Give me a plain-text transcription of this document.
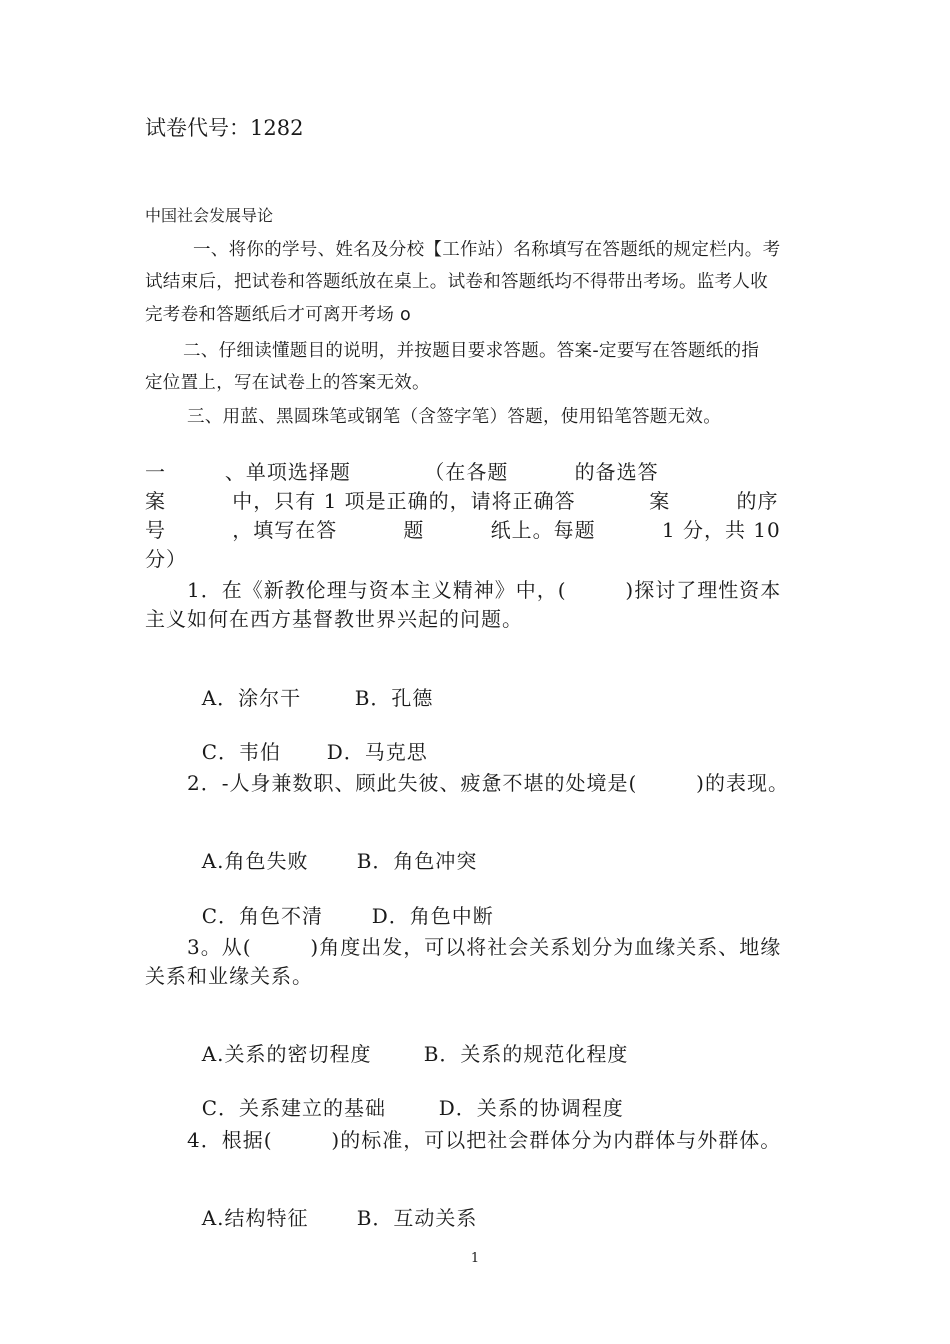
试卷代号：1282
中国社会发展导论
一、将你的学号、姓名及分校【工作站）名称填写在答题纸的规定栏内。考
试结束后，把试卷和答题纸放在桌上。试卷和答题纸均不得带出考场。监考人收
完考卷和答题纸后才可离开考场 o
二、仔细读懂题目的说明，并按题目要求答题。答案-定要写在答题纸的指
定位置上，写在试卷上的答案无效。
三、用蓝、黑圆珠笔或钢笔（含签字笔）答题，使用铅笔答题无效。
一        、单项选择题          （在各题         的备选答
案         中，只有 1 项是正确的，请将正确答          案         的序
号         ，填写在答         题         纸上。每题         1 分，共 10
分）
1．在《新教伦理与资本主义精神》中，(        )探讨了理性资本
主义如何在西方基督教世界兴起的问题。

A．涂尔干	B．孔德

C．韦伯 D．马克思

2．-人身兼数职、顾此失彼、疲惫不堪的处境是(        )的表现。

A.角色失败 B．角色冲突

C．角色不清 D．角色中断

3。从(        )角度出发，可以将社会关系划分为血缘关系、地缘
关系和业缘关系。

A.关系的密切程度	B．关系的规范化程度

C．关系建立的基础	D．关系的协调程度

4．根据(        )的标准，可以把社会群体分为内群体与外群体。

A.结构特征 B．互动关系

1
